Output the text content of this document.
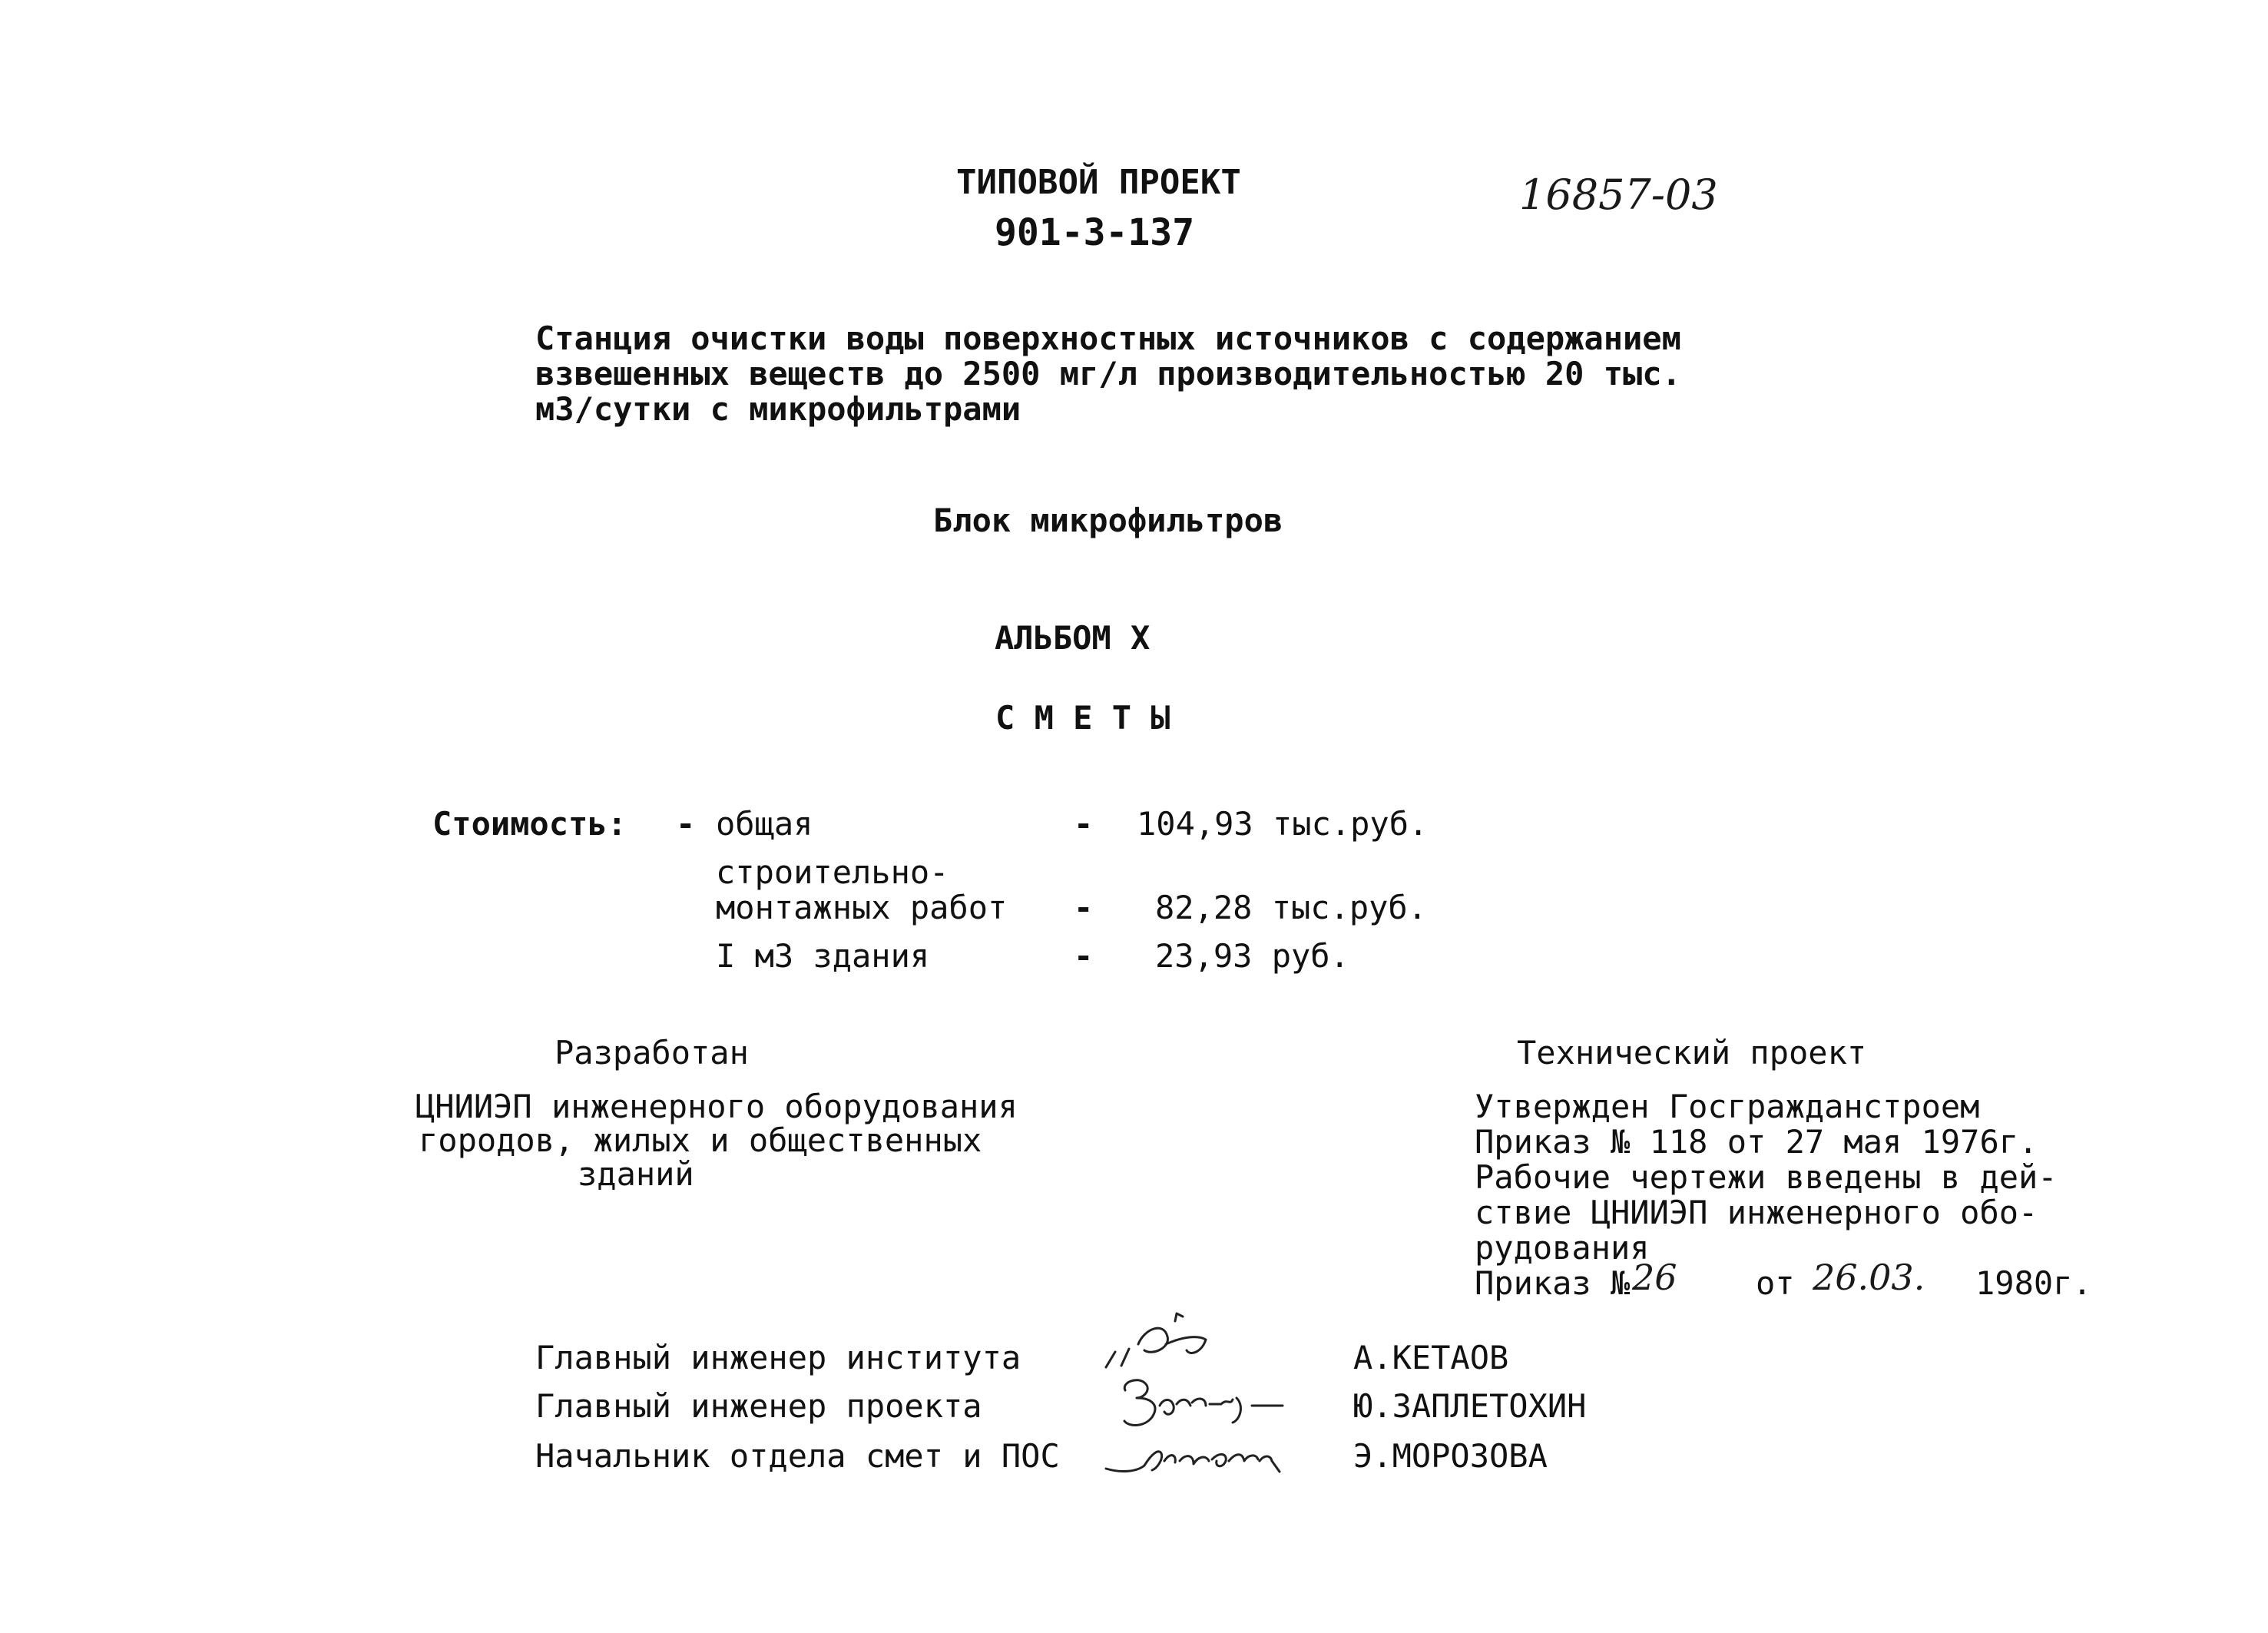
ТИПОВОЙ ПРОЕКТ
901-3-137
16857-03
Станция очистки воды поверхностных источников с содержанием
взвешенных веществ до 2500 мг/л производительностью 20 тыс.
м3/сутки с микрофильтрами
Блок микрофильтров
АЛЬБОМ X
С М Е Т Ы
Стоимость: - общая	- 104,93 тыс.руб.
строительно-
монтажных работ - 82,28 тыс.руб.
I м3 здания	- 23,93 руб.
Разработан
ЦНИИЭП инженерного оборудования
городов, жилых и общественных
зданий
Технический проект
Утвержден Госгражданстроем
Приказ № 118 от 27 мая 1976г.
Рабочие чертежи введены в дей-
ствие ЦНИИЭП инженерного обо-
рудования
Приказ № 26 от 26.03. 1980г.
Главный инженер института	А.КЕТАОВ
Главный инженер проекта	Ю.ЗАПЛЕТОХИН
Начальник отдела смет и ПОС	Э.МОРОЗОВА
